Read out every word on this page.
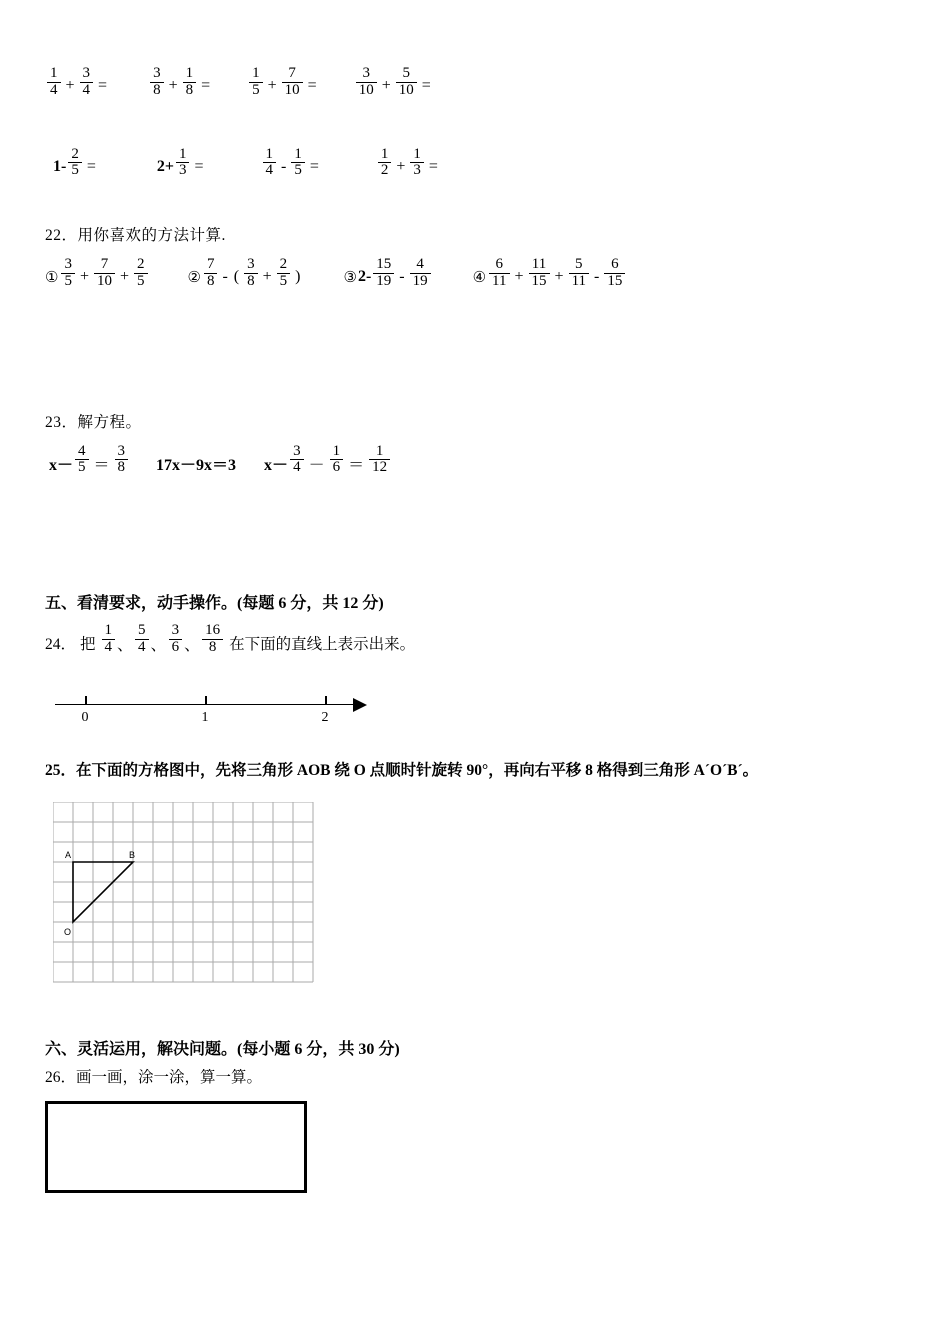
$\frac{1}{4} + \frac{3}{4}$ =	$\frac{3}{8} + \frac{1}{8}$ =	$\frac{1}{5} + \frac{7}{10}$ =	$\frac{3}{10} + \frac{5}{10}$ =
$1- \frac{2}{5}$ =	$2+ \frac{1}{3}$ =	$\frac{1}{4} - \frac{1}{5}$ =	$\frac{1}{2} + \frac{1}{3}$ =
22．用你喜欢的方法计算.
① $\frac{3}{5} + \frac{7}{10} + \frac{2}{5}$	② $\frac{7}{8}$ - ( $\frac{3}{8} + \frac{2}{5}$ )	③2- $\frac{15}{19} - \frac{4}{19}$	④ $\frac{6}{11} + \frac{11}{15} + \frac{5}{11} - \frac{6}{15}$
23．解方程。
$x- \frac{4}{5} = \frac{3}{8} 17x-9x=3$ $x- \frac{3}{4} - \frac{1}{6} = \frac{1}{12}$
五、看清要求，动手操作。(每题 6 分，共 12 分)
24． 把 $\frac{1}{4}$ 、 $\frac{5}{4}$ 、 $\frac{3}{6}$ 、 $\frac{16}{8}$ 在下面的直线上表示出来。
0	1	2
25．在下面的方格图中，先将三角形 AOB 绕 O 点顺时针旋转 90°，再向右平移 8 格得到三角形 A´O´B´。
A	B
O
六、灵活运用，解决问题。(每小题 6 分，共 30 分)
26．画一画，涂一涂，算一算。
